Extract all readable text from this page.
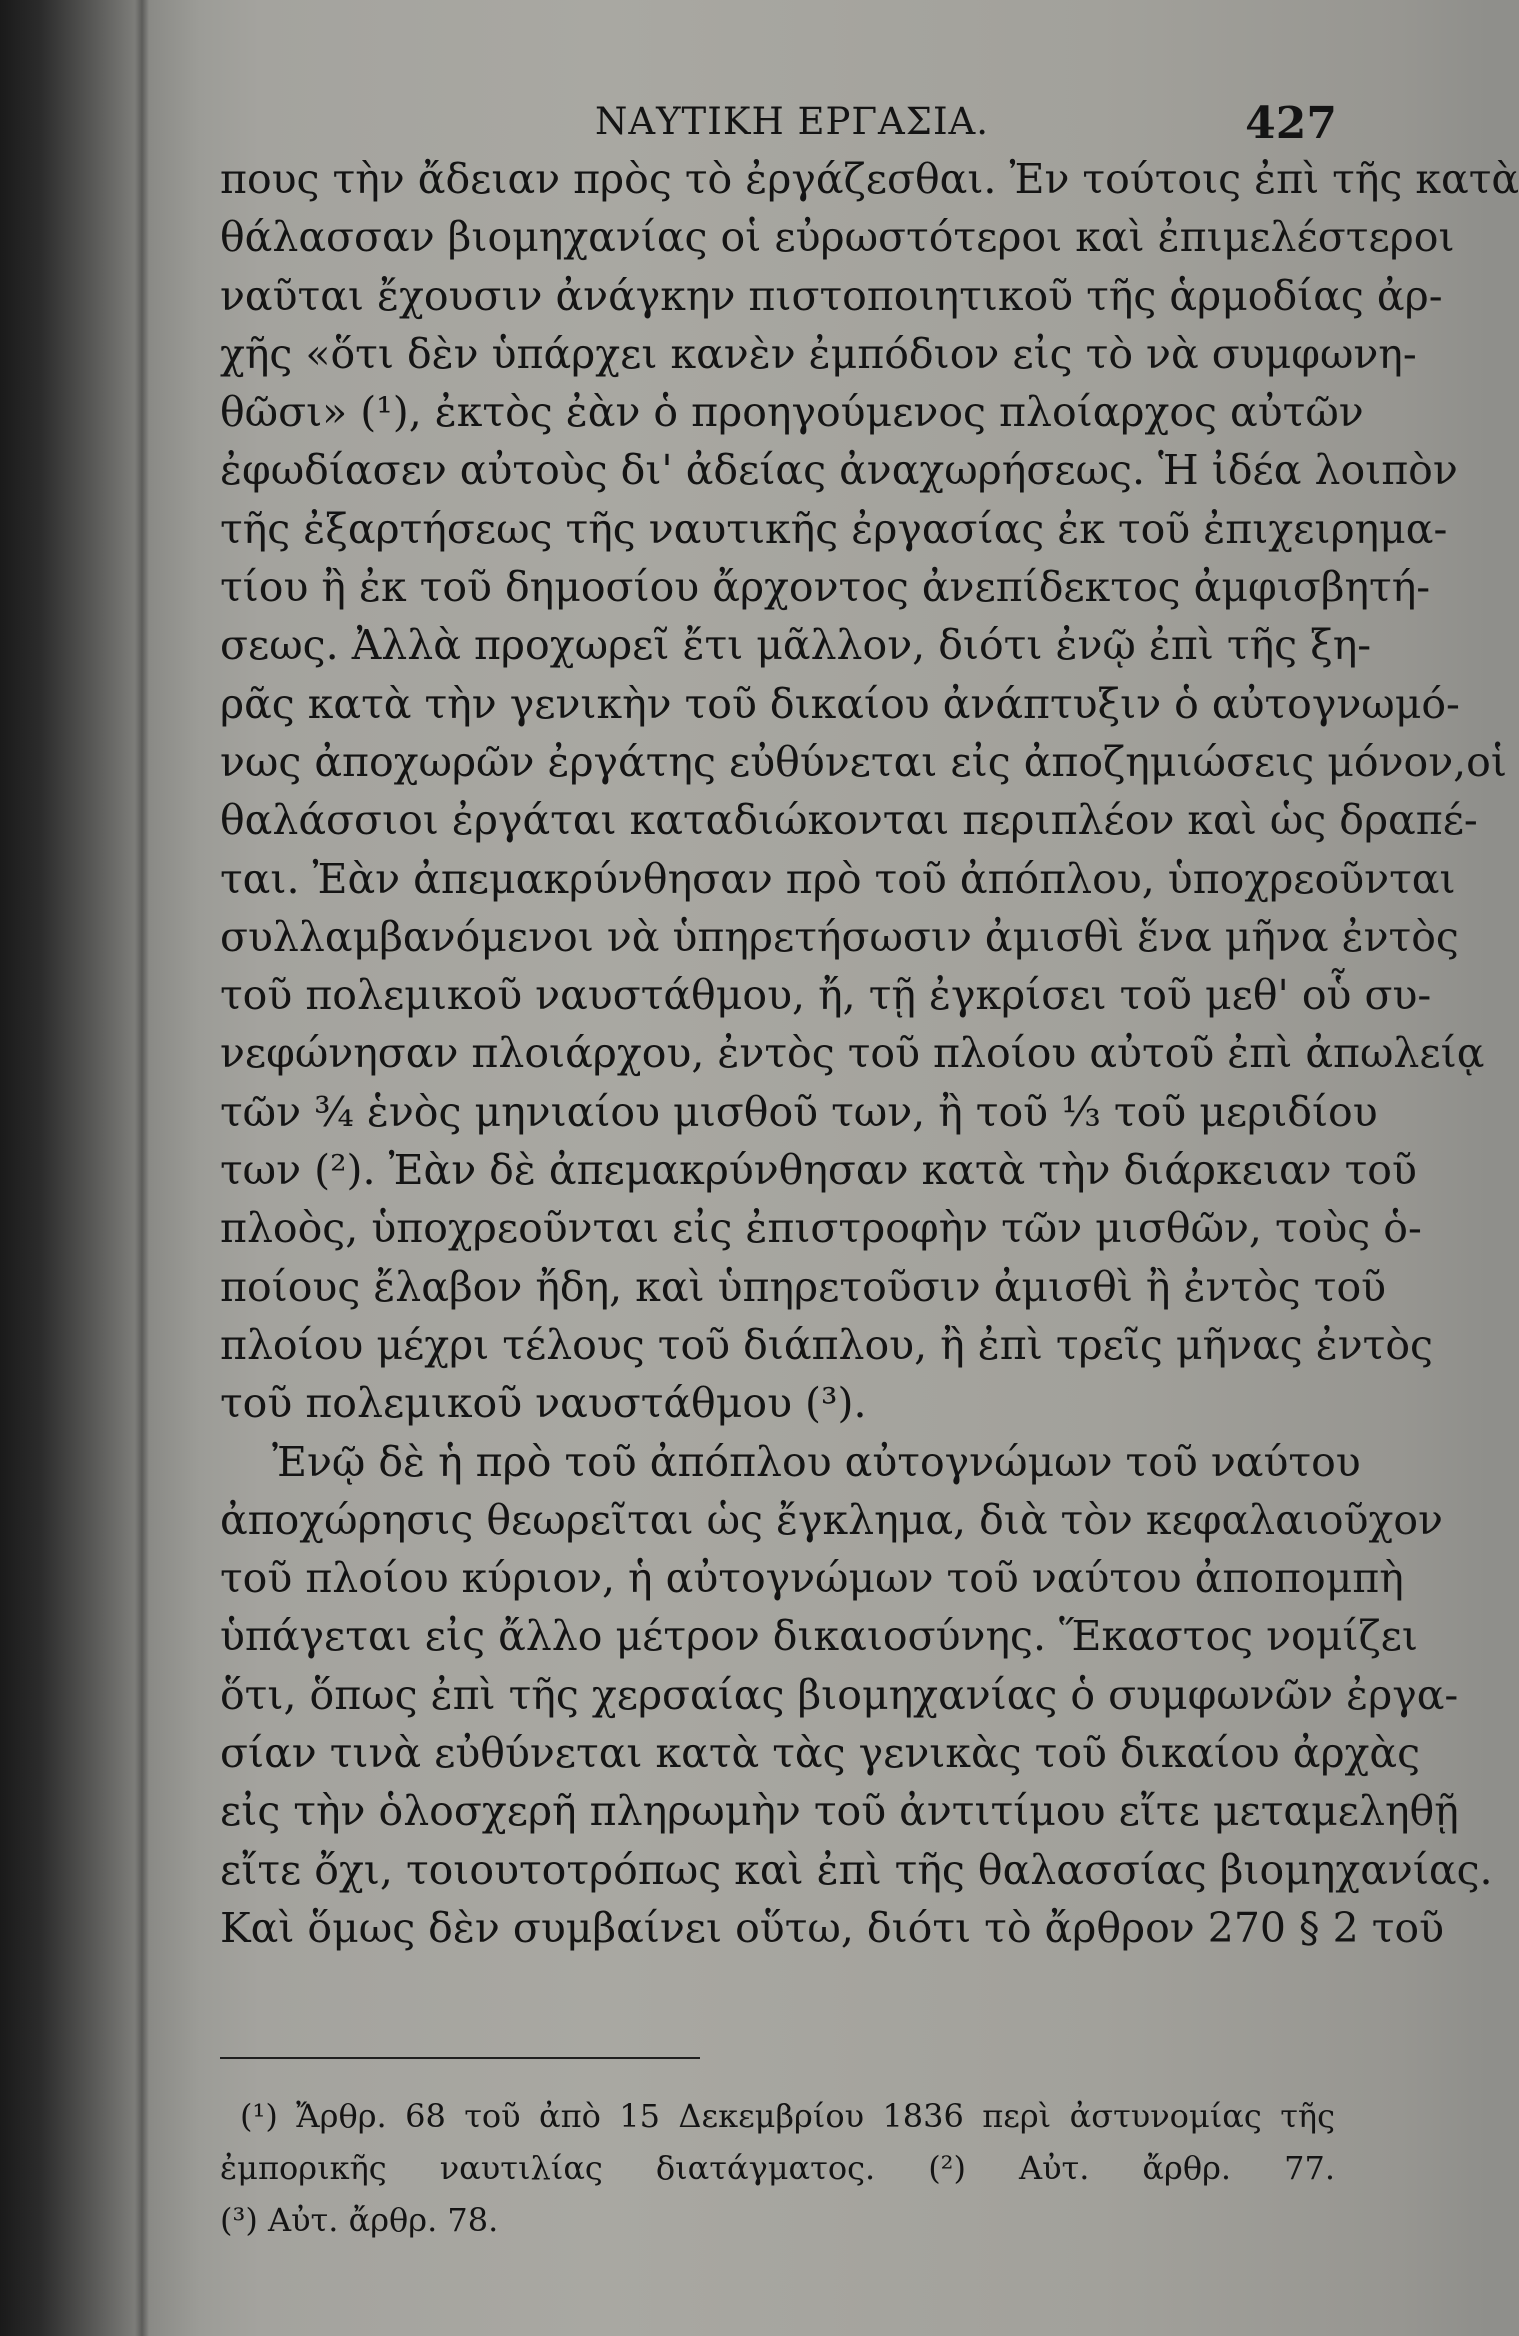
ΝΑΥΤΙΚΗ ΕΡΓΑΣΙΑ.	427
πους τὴν ἄδειαν πρὸς τὸ ἐργάζεσθαι. Ἐν τούτοις ἐπὶ τῆς κατὰ
θάλασσαν βιομηχανίας οἱ εὐρωστότεροι καὶ ἐπιμελέστεροι
ναῦται ἔχουσιν ἀνάγκην πιστοποιητικοῦ τῆς ἁρμοδίας ἀρ-
χῆς «ὅτι δὲν ὑπάρχει κανὲν ἐμπόδιον εἰς τὸ νὰ συμφωνη-
θῶσι» (¹), ἐκτὸς ἐὰν ὁ προηγούμενος πλοίαρχος αὐτῶν
ἐφωδίασεν αὐτοὺς δι' ἀδείας ἀναχωρήσεως. Ἡ ἰδέα λοιπὸν
τῆς ἐξαρτήσεως τῆς ναυτικῆς ἐργασίας ἐκ τοῦ ἐπιχειρημα-
τίου ἢ ἐκ τοῦ δημοσίου ἄρχοντος ἀνεπίδεκτος ἀμφισβητή-
σεως. Ἀλλὰ προχωρεῖ ἔτι μᾶλλον, διότι ἐνῷ ἐπὶ τῆς ξη-
ρᾶς κατὰ τὴν γενικὴν τοῦ δικαίου ἀνάπτυξιν ὁ αὐτογνωμό-
νως ἀποχωρῶν ἐργάτης εὐθύνεται εἰς ἀποζημιώσεις μόνον,οἱ
θαλάσσιοι ἐργάται καταδιώκονται περιπλέον καὶ ὡς δραπέ-
ται. Ἐὰν ἀπεμακρύνθησαν πρὸ τοῦ ἀπόπλου, ὑποχρεοῦνται
συλλαμβανόμενοι νὰ ὑπηρετήσωσιν ἀμισθὶ ἕνα μῆνα ἐντὸς
τοῦ πολεμικοῦ ναυστάθμου, ἤ, τῇ ἐγκρίσει τοῦ μεθ' οὗ συ-
νεφώνησαν πλοιάρχου, ἐντὸς τοῦ πλοίου αὐτοῦ ἐπὶ ἀπωλείᾳ
τῶν ¾ ἑνὸς μηνιαίου μισθοῦ των, ἢ τοῦ ⅓ τοῦ μεριδίου
των (²). Ἐὰν δὲ ἀπεμακρύνθησαν κατὰ τὴν διάρκειαν τοῦ
πλοὸς, ὑποχρεοῦνται εἰς ἐπιστροφὴν τῶν μισθῶν, τοὺς ὁ-
ποίους ἔλαβον ἤδη, καὶ ὑπηρετοῦσιν ἀμισθὶ ἢ ἐντὸς τοῦ
πλοίου μέχρι τέλους τοῦ διάπλου, ἢ ἐπὶ τρεῖς μῆνας ἐντὸς
τοῦ πολεμικοῦ ναυστάθμου (³).
Ἐνῷ δὲ ἡ πρὸ τοῦ ἀπόπλου αὐτογνώμων τοῦ ναύτου
ἀποχώρησις θεωρεῖται ὡς ἔγκλημα, διὰ τὸν κεφαλαιοῦχον
τοῦ πλοίου κύριον, ἡ αὐτογνώμων τοῦ ναύτου ἀποπομπὴ
ὑπάγεται εἰς ἄλλο μέτρον δικαιοσύνης. Ἕκαστος νομίζει
ὅτι, ὅπως ἐπὶ τῆς χερσαίας βιομηχανίας ὁ συμφωνῶν ἐργα-
σίαν τινὰ εὐθύνεται κατὰ τὰς γενικὰς τοῦ δικαίου ἀρχὰς
εἰς τὴν ὁλοσχερῆ πληρωμὴν τοῦ ἀντιτίμου εἴτε μεταμεληθῇ
εἴτε ὄχι, τοιουτοτρόπως καὶ ἐπὶ τῆς θαλασσίας βιομηχανίας.
Καὶ ὅμως δὲν συμβαίνει οὕτω, διότι τὸ ἄρθρον 270 § 2 τοῦ
(¹) Ἄρθρ. 68 τοῦ ἀπὸ 15 Δεκεμβρίου 1836 περὶ ἀστυνομίας τῆς
ἐμπορικῆς ναυτιλίας διατάγματος. (²) Αὐτ. ἄρθρ. 77.
(³) Αὐτ. ἄρθρ. 78.
